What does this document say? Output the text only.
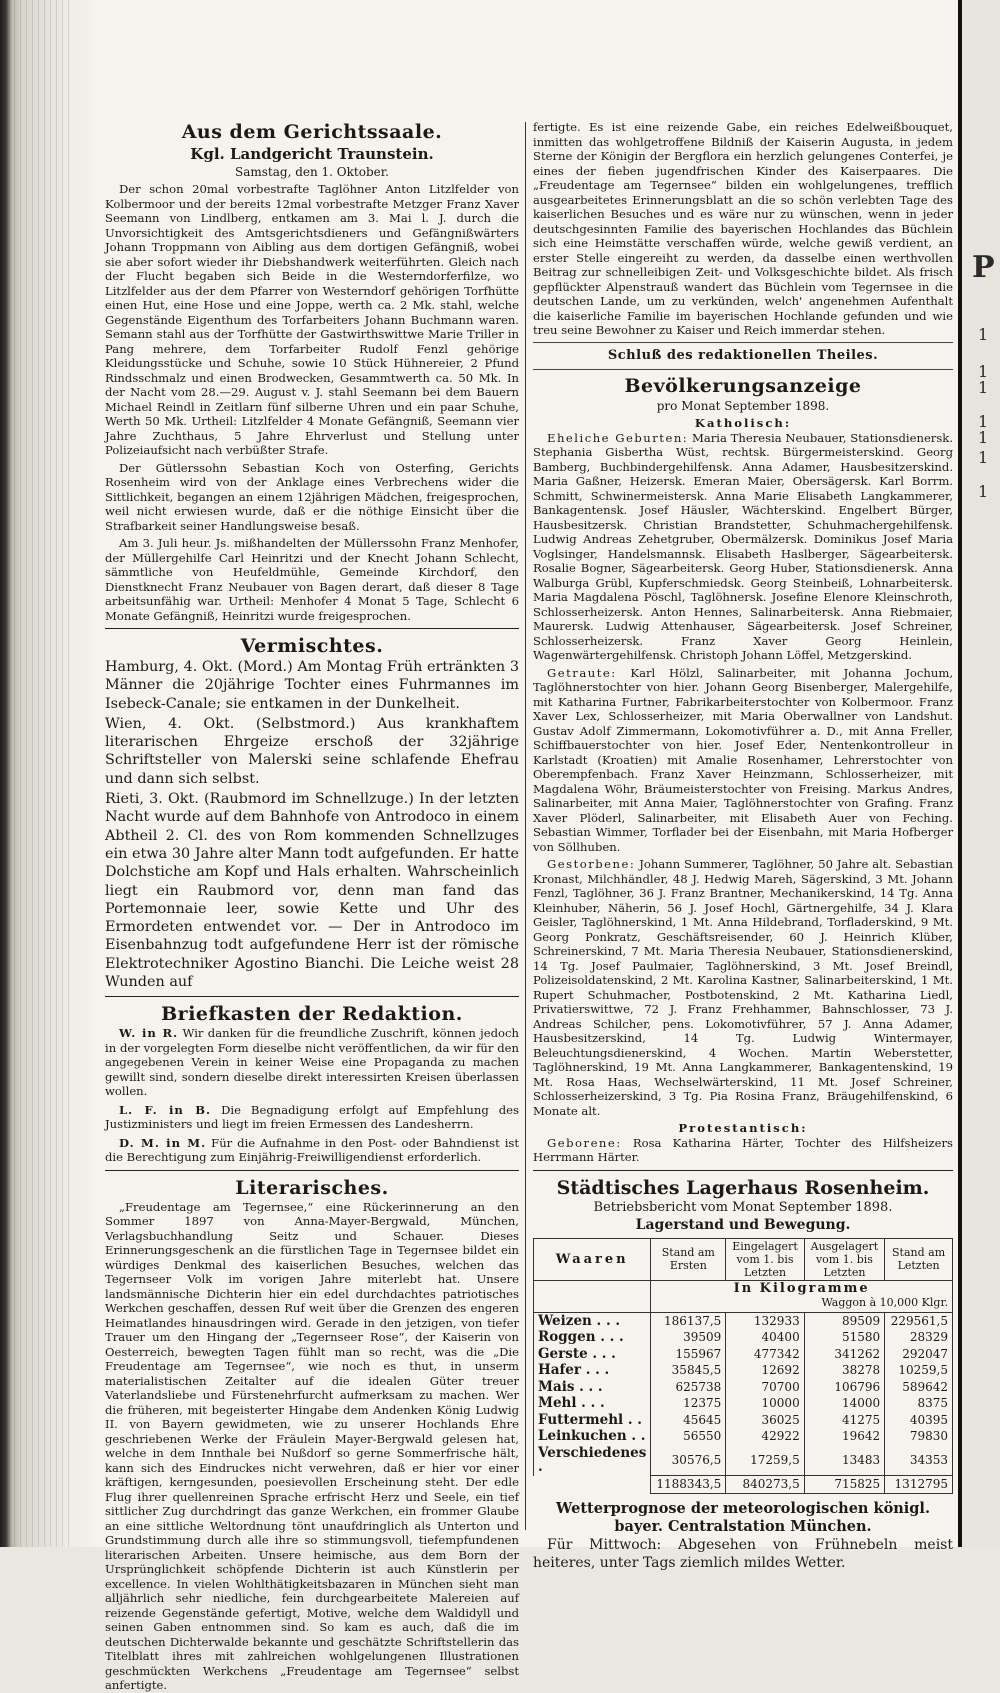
P
1
1
1
1
1
1
1
Aus dem Gerichtssaale.
Kgl. Landgericht Traunstein.
Samstag, den 1. Oktober.

Der schon 20mal vorbestrafte Taglöhner Anton Litzlfelder von Kolbermoor und der bereits 12mal vorbestrafte Metzger Franz Xaver Seemann von Lindlberg, entkamen am 3. Mai l. J. durch die Unvorsichtigkeit des Amtsgerichtsdieners und Gefängnißwärters Johann Troppmann von Aibling aus dem dortigen Gefängniß, wobei sie aber sofort wieder ihr Diebshandwerk weiterführten. Gleich nach der Flucht begaben sich Beide in die Westerndorferfilze, wo Litzlfelder aus der dem Pfarrer von Westerndorf gehörigen Torfhütte einen Hut, eine Hose und eine Joppe, werth ca. 2 Mk. stahl, welche Gegenstände Eigenthum des Torfarbeiters Johann Buchmann waren. Semann stahl aus der Torfhütte der Gastwirthswittwe Marie Triller in Pang mehrere, dem Torfarbeiter Rudolf Fenzl gehörige Kleidungsstücke und Schuhe, sowie 10 Stück Hühnereier, 2 Pfund Rindsschmalz und einen Brodwecken, Gesammtwerth ca. 50 Mk. In der Nacht vom 28.—29. August v. J. stahl Seemann bei dem Bauern Michael Reindl in Zeitlarn fünf silberne Uhren und ein paar Schuhe, Werth 50 Mk. Urtheil: Litzlfelder 4 Monate Gefängniß, Seemann vier Jahre Zuchthaus, 5 Jahre Ehrverlust und Stellung unter Polizeiaufsicht nach verbüßter Strafe.

Der Gütlerssohn Sebastian Koch von Osterfing, Gerichts Rosenheim wird von der Anklage eines Verbrechens wider die Sittlichkeit, begangen an einem 12jährigen Mädchen, freigesprochen, weil nicht erwiesen wurde, daß er die nöthige Einsicht über die Strafbarkeit seiner Handlungsweise besaß.

Am 3. Juli heur. Js. mißhandelten der Müllerssohn Franz Menhofer, der Müllergehilfe Carl Heinritzi und der Knecht Johann Schlecht, sämmtliche von Heufeldmühle, Gemeinde Kirchdorf, den Dienstknecht Franz Neubauer von Bagen derart, daß dieser 8 Tage arbeitsunfähig war. Urtheil: Menhofer 4 Monat 5 Tage, Schlecht 6 Monate Gefängniß, Heinritzi wurde freigesprochen.

Vermischtes.

Hamburg, 4. Okt. (Mord.) Am Montag Früh ertränkten 3 Männer die 20jährige Tochter eines Fuhrmannes im Isebeck-Canale; sie entkamen in der Dunkelheit.

Wien, 4. Okt. (Selbstmord.) Aus krankhaftem literarischen Ehrgeize erschoß der 32jährige Schriftsteller von Malerski seine schlafende Ehefrau und dann sich selbst.

Rieti, 3. Okt. (Raubmord im Schnellzuge.) In der letzten Nacht wurde auf dem Bahnhofe von Antrodoco in einem Abtheil 2. Cl. des von Rom kommenden Schnellzuges ein etwa 30 Jahre alter Mann todt aufgefunden. Er hatte Dolchstiche am Kopf und Hals erhalten. Wahrscheinlich liegt ein Raubmord vor, denn man fand das Portemonnaie leer, sowie Kette und Uhr des Ermordeten entwendet vor. — Der in Antrodoco im Eisenbahnzug todt aufgefundene Herr ist der römische Elektrotechniker Agostino Bianchi. Die Leiche weist 28 Wunden auf

Briefkasten der Redaktion.

W. in R. Wir danken für die freundliche Zuschrift, können jedoch in der vorgelegten Form dieselbe nicht veröffentlichen, da wir für den angegebenen Verein in keiner Weise eine Propaganda zu machen gewillt sind, sondern dieselbe direkt interessirten Kreisen überlassen wollen.

L. F. in B. Die Begnadigung erfolgt auf Empfehlung des Justizministers und liegt im freien Ermessen des Landesherrn.

D. M. in M. Für die Aufnahme in den Post- oder Bahndienst ist die Berechtigung zum Einjährig-Freiwilligendienst erforderlich.

Literarisches.

„Freudentage am Tegernsee,“ eine Rückerinnerung an den Sommer 1897 von Anna-Mayer-Bergwald, München, Verlagsbuchhandlung Seitz und Schauer. Dieses Erinnerungsgeschenk an die fürstlichen Tage in Tegernsee bildet ein würdiges Denkmal des kaiserlichen Besuches, welchen das Tegernseer Volk im vorigen Jahre miterlebt hat. Unsere landsmännische Dichterin hier ein edel durchdachtes patriotisches Werkchen geschaffen, dessen Ruf weit über die Grenzen des engeren Heimatlandes hinausdringen wird. Gerade in den jetzigen, von tiefer Trauer um den Hingang der „Tegernseer Rose“, der Kaiserin von Oesterreich, bewegten Tagen fühlt man so recht, was die „Die Freudentage am Tegernsee“, wie noch es thut, in unserm materialistischen Zeitalter auf die idealen Güter treuer Vaterlandsliebe und Fürstenehrfurcht aufmerksam zu machen. Wer die früheren, mit begeisterter Hingabe dem Andenken König Ludwig II. von Bayern gewidmeten, wie zu unserer Hochlands Ehre geschriebenen Werke der Fräulein Mayer-Bergwald gelesen hat, welche in dem Innthale bei Nußdorf so gerne Sommerfrische hält, kann sich des Eindruckes nicht verwehren, daß er hier vor einer kräftigen, kerngesunden, poesievollen Erscheinung steht. Der edle Flug ihrer quellenreinen Sprache erfrischt Herz und Seele, ein tief sittlicher Zug durchdringt das ganze Werkchen, ein frommer Glaube an eine sittliche Weltordnung tönt unaufdringlich als Unterton und Grundstimmung durch alle ihre so stimmungsvoll, tiefempfundenen literarischen Arbeiten. Unsere heimische, aus dem Born der Ursprünglichkeit schöpfende Dichterin ist auch Künstlerin per excellence. In vielen Wohlthätigkeitsbazaren in München sieht man alljährlich sehr niedliche, fein durchgearbeitete Malereien auf reizende Gegenstände gefertigt, Motive, welche dem Waldidyll und seinen Gaben entnommen sind. So kam es auch, daß die im deutschen Dichterwalde bekannte und geschätzte Schriftstellerin das Titelblatt ihres mit zahlreichen wohlgelungenen Illustrationen geschmückten Werkchens „Freudentage am Tegernsee“ selbst anfertigte.

fertigte. Es ist eine reizende Gabe, ein reiches Edelweißbouquet, inmitten das wohlgetroffene Bildniß der Kaiserin Augusta, in jedem Sterne der Königin der Bergflora ein herzlich gelungenes Conterfei, je eines der fieben jugendfrischen Kinder des Kaiserpaares. Die „Freudentage am Tegernsee“ bilden ein wohlgelungenes, trefflich ausgearbeitetes Erinnerungsblatt an die so schön verlebten Tage des kaiserlichen Besuches und es wäre nur zu wünschen, wenn in jeder deutschgesinnten Familie des bayerischen Hochlandes das Büchlein sich eine Heimstätte verschaffen würde, welche gewiß verdient, an erster Stelle eingereiht zu werden, da dasselbe einen werthvollen Beitrag zur schnelleibigen Zeit- und Volksgeschichte bildet. Als frisch gepflückter Alpenstrauß wandert das Büchlein vom Tegernsee in die deutschen Lande, um zu verkünden, welch' angenehmen Aufenthalt die kaiserliche Familie im bayerischen Hochlande gefunden und wie treu seine Bewohner zu Kaiser und Reich immerdar stehen.

Schluß des redaktionellen Theiles.
Bevölkerungsanzeige
pro Monat September 1898.
Katholisch:

Eheliche Geburten: Maria Theresia Neubauer, Stationsdienersk. Stephania Gisbertha Wüst, rechtsk. Bürgermeisterskind. Georg Bamberg, Buchbindergehilfensk. Anna Adamer, Hausbesitzerskind. Maria Gaßner, Heizersk. Emeran Maier, Obersägersk. Karl Borrm. Schmitt, Schwinermeistersk. Anna Marie Elisabeth Langkammerer, Bankagentensk. Josef Häusler, Wächterskind. Engelbert Bürger, Hausbesitzersk. Christian Brandstetter, Schuhmachergehilfensk. Ludwig Andreas Zehetgruber, Obermälzersk. Dominikus Josef Maria Voglsinger, Handelsmannsk. Elisabeth Haslberger, Sägearbeitersk. Rosalie Bogner, Sägearbeitersk. Georg Huber, Stationsdienersk. Anna Walburga Grübl, Kupferschmiedsk. Georg Steinbeiß, Lohnarbeitersk. Maria Magdalena Pöschl, Taglöhnersk. Josefine Elenore Kleinschroth, Schlosserheizersk. Anton Hennes, Salinarbeitersk. Anna Riebmaier, Maurersk. Ludwig Attenhauser, Sägearbeitersk. Josef Schreiner, Schlosserheizersk. Franz Xaver Georg Heinlein, Wagenwärtergehilfensk. Christoph Johann Löffel, Metzgerskind.

Getraute: Karl Hölzl, Salinarbeiter, mit Johanna Jochum, Taglöhnerstochter von hier. Johann Georg Bisenberger, Malergehilfe, mit Katharina Furtner, Fabrikarbeiterstochter von Kolbermoor. Franz Xaver Lex, Schlosserheizer, mit Maria Oberwallner von Landshut. Gustav Adolf Zimmermann, Lokomotivführer a. D., mit Anna Freller, Schiffbauerstochter von hier. Josef Eder, Nentenkontrolleur in Karlstadt (Kroatien) mit Amalie Rosenhamer, Lehrerstochter von Oberempfenbach. Franz Xaver Heinzmann, Schlosserheizer, mit Magdalena Wöhr, Bräumeisterstochter von Freising. Markus Andres, Salinarbeiter, mit Anna Maier, Taglöhnerstochter von Grafing. Franz Xaver Plöderl, Salinarbeiter, mit Elisabeth Auer von Feching. Sebastian Wimmer, Torflader bei der Eisenbahn, mit Maria Hofberger von Söllhuben.

Gestorbene: Johann Summerer, Taglöhner, 50 Jahre alt. Sebastian Kronast, Milchhändler, 48 J. Hedwig Mareh, Sägerskind, 3 Mt. Johann Fenzl, Taglöhner, 36 J. Franz Brantner, Mechanikerskind, 14 Tg. Anna Kleinhuber, Näherin, 56 J. Josef Hochl, Gärtnergehilfe, 34 J. Klara Geisler, Taglöhnerskind, 1 Mt. Anna Hildebrand, Torfladerskind, 9 Mt. Georg Ponkratz, Geschäftsreisender, 60 J. Heinrich Klüber, Schreinerskind, 7 Mt. Maria Theresia Neubauer, Stationsdienerskind, 14 Tg. Josef Paulmaier, Taglöhnerskind, 3 Mt. Josef Breindl, Polizeisoldatenskind, 2 Mt. Karolina Kastner, Salinarbeiterskind, 1 Mt. Rupert Schuhmacher, Postbotenskind, 2 Mt. Katharina Liedl, Privatierswittwe, 72 J. Franz Frehhammer, Bahnschlosser, 73 J. Andreas Schilcher, pens. Lokomotivführer, 57 J. Anna Adamer, Hausbesitzerskind, 14 Tg. Ludwig Wintermayer, Beleuchtungsdienerskind, 4 Wochen. Martin Weberstetter, Taglöhnerskind, 19 Mt. Anna Langkammerer, Bankagentenskind, 19 Mt. Rosa Haas, Wechselwärterskind, 11 Mt. Josef Schreiner, Schlosserheizerskind, 3 Tg. Pia Rosina Franz, Bräugehilfenskind, 6 Monate alt.

Protestantisch:

Geborene: Rosa Katharina Härter, Tochter des Hilfsheizers Herrmann Härter.

Städtisches Lagerhaus Rosenheim.
Betriebsbericht vom Monat September 1898.
Lagerstand und Bewegung.
Waaren	Stand am Ersten	Eingelagert vom 1. bis Letzten	Ausgelagert vom 1. bis Letzten	Stand am Letzten
	In Kilogramme
Waggon à 10,000 Klgr.			

Weizen . . .	186137,5	132933	89509	229561,5
Roggen . . .	39509	40400	51580	28329
Gerste . . .	155967	477342	341262	292047
Hafer . . .	35845,5	12692	38278	10259,5
Mais . . .	625738	70700	106796	589642
Mehl . . .	12375	10000	14000	8375
Futtermehl . .	45645	36025	41275	40395
Leinkuchen . .	56550	42922	19642	79830
Verschiedenes .	30576,5	17259,5	13483	34353
	1188343,5	840273,5	715825	1312795
Wetterprognose der meteorologischen königl. bayer. Centralstation München.

Für Mittwoch: Abgesehen von Frühnebeln meist heiteres, unter Tags ziemlich mildes Wetter.
